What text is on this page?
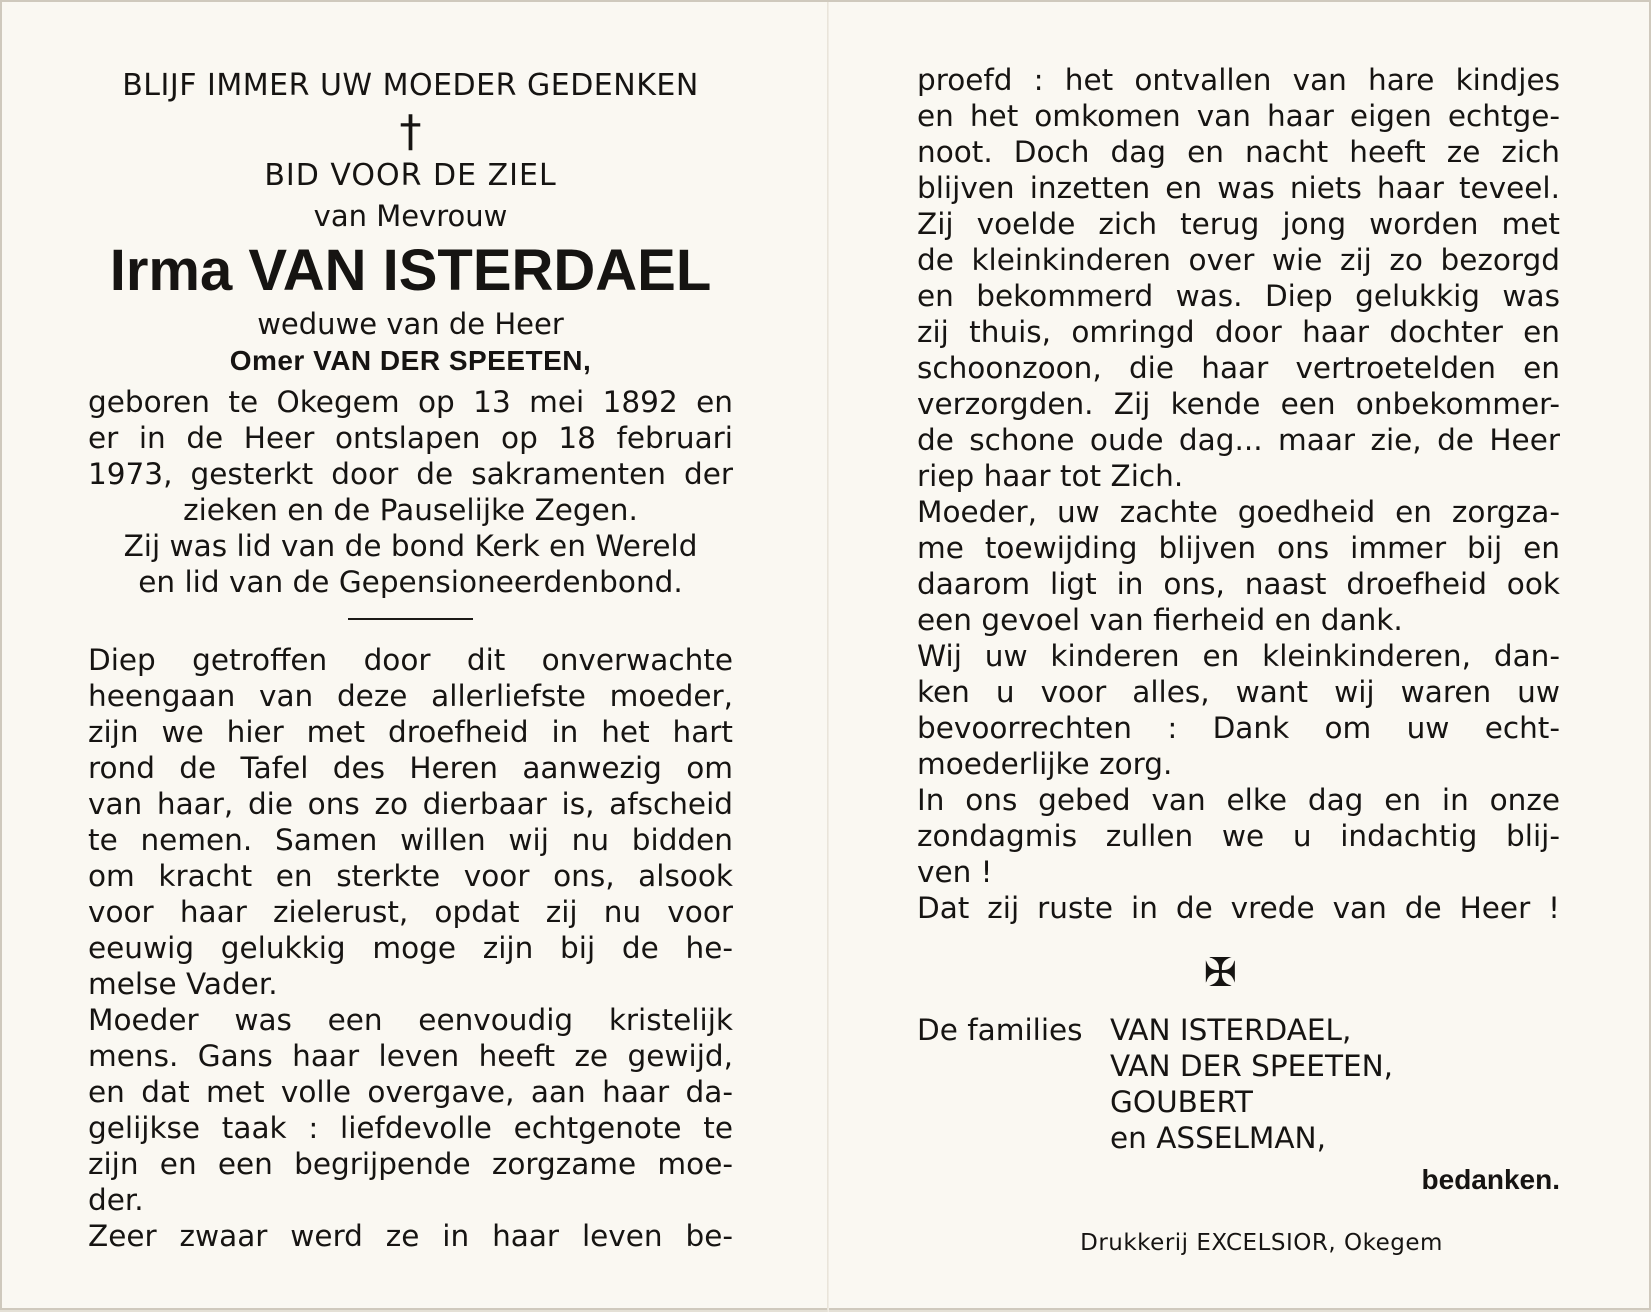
BLIJF IMMER UW MOEDER GEDENKEN
†
BID VOOR DE ZIEL
van Mevrouw
Irma VAN ISTERDAEL
weduwe van de Heer
Omer VAN DER SPEETEN,
geboren te Okegem op 13 mei 1892 en
er in de Heer ontslapen op 18 februari
1973, gesterkt door de sakramenten der
zieken en de Pauselijke Zegen.
Zij was lid van de bond Kerk en Wereld
en lid van de Gepensioneerdenbond.
Diep getroffen door dit onverwachte
heengaan van deze allerliefste moeder,
zijn we hier met droefheid in het hart
rond de Tafel des Heren aanwezig om
van haar, die ons zo dierbaar is, afscheid
te nemen. Samen willen wij nu bidden
om kracht en sterkte voor ons, alsook
voor haar zielerust, opdat zij nu voor
eeuwig gelukkig moge zijn bij de he-
melse Vader.
Moeder was een eenvoudig kristelijk
mens. Gans haar leven heeft ze gewijd,
en dat met volle overgave, aan haar da-
gelijkse taak : liefdevolle echtgenote te
zijn en een begrijpende zorgzame moe-
der.
Zeer zwaar werd ze in haar leven be-
proefd : het ontvallen van hare kindjes
en het omkomen van haar eigen echtge-
noot. Doch dag en nacht heeft ze zich
blijven inzetten en was niets haar teveel.
Zij voelde zich terug jong worden met
de kleinkinderen over wie zij zo bezorgd
en bekommerd was. Diep gelukkig was
zij thuis, omringd door haar dochter en
schoonzoon, die haar vertroetelden en
verzorgden. Zij kende een onbekommer-
de schone oude dag... maar zie, de Heer
riep haar tot Zich.
Moeder, uw zachte goedheid en zorgza-
me toewijding blijven ons immer bij en
daarom ligt in ons, naast droefheid ook
een gevoel van fierheid en dank.
Wij uw kinderen en kleinkinderen, dan-
ken u voor alles, want wij waren uw
bevoorrechten : Dank om uw echt-
moederlijke zorg.
In ons gebed van elke dag en in onze
zondagmis zullen we u indachtig blij-
ven !
Dat zij ruste in de vrede van de Heer !
✠
De families VAN ISTERDAEL,
VAN DER SPEETEN,
GOUBERT
en ASSELMAN,
bedanken.
Drukkerij EXCELSIOR, Okegem
